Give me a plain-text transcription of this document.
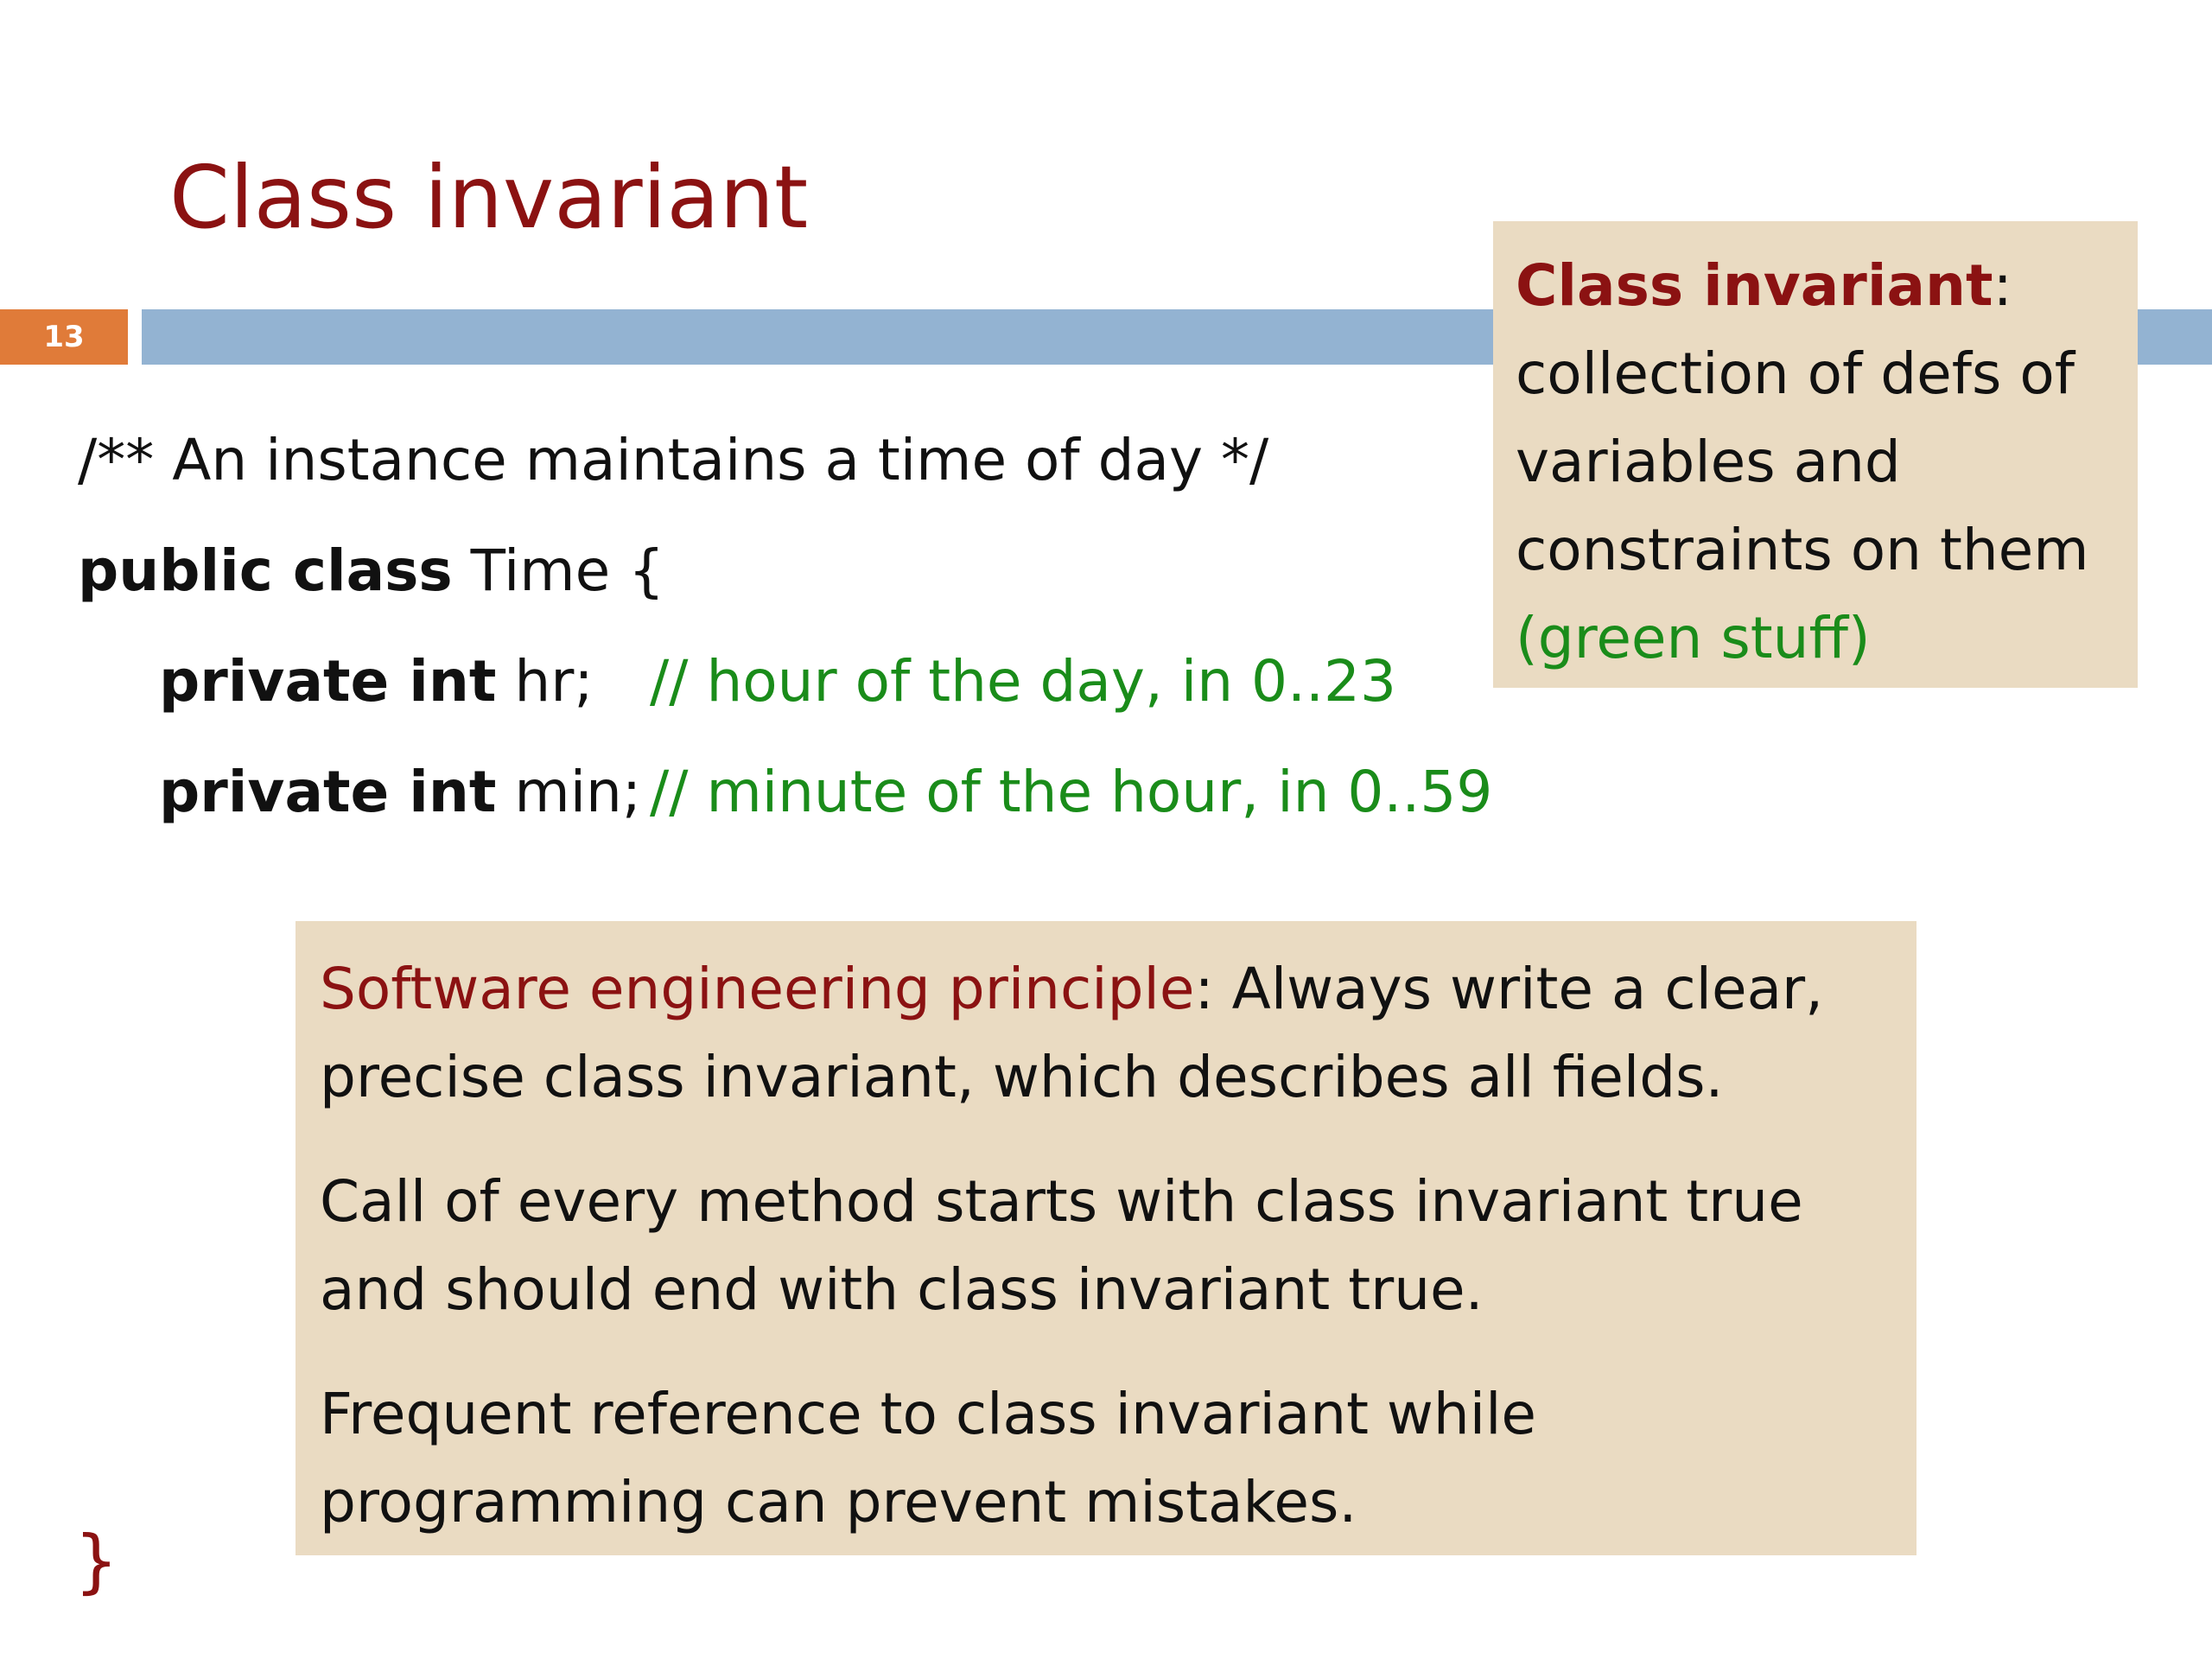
Class invariant
13
/** An instance maintains a time of day */
public class Time {
private int hr; // hour of the day, in 0..23
private int min; // minute of the hour, in 0..59
Class invariant:
collection of defs of
variables and
constraints on them
(green stuff)

Software engineering principle: Always write a clear, precise class invariant, which describes all fields.

Call of every method starts with class invariant true and should end with class invariant true.

Frequent reference to class invariant while programming can prevent mistakes.

}
